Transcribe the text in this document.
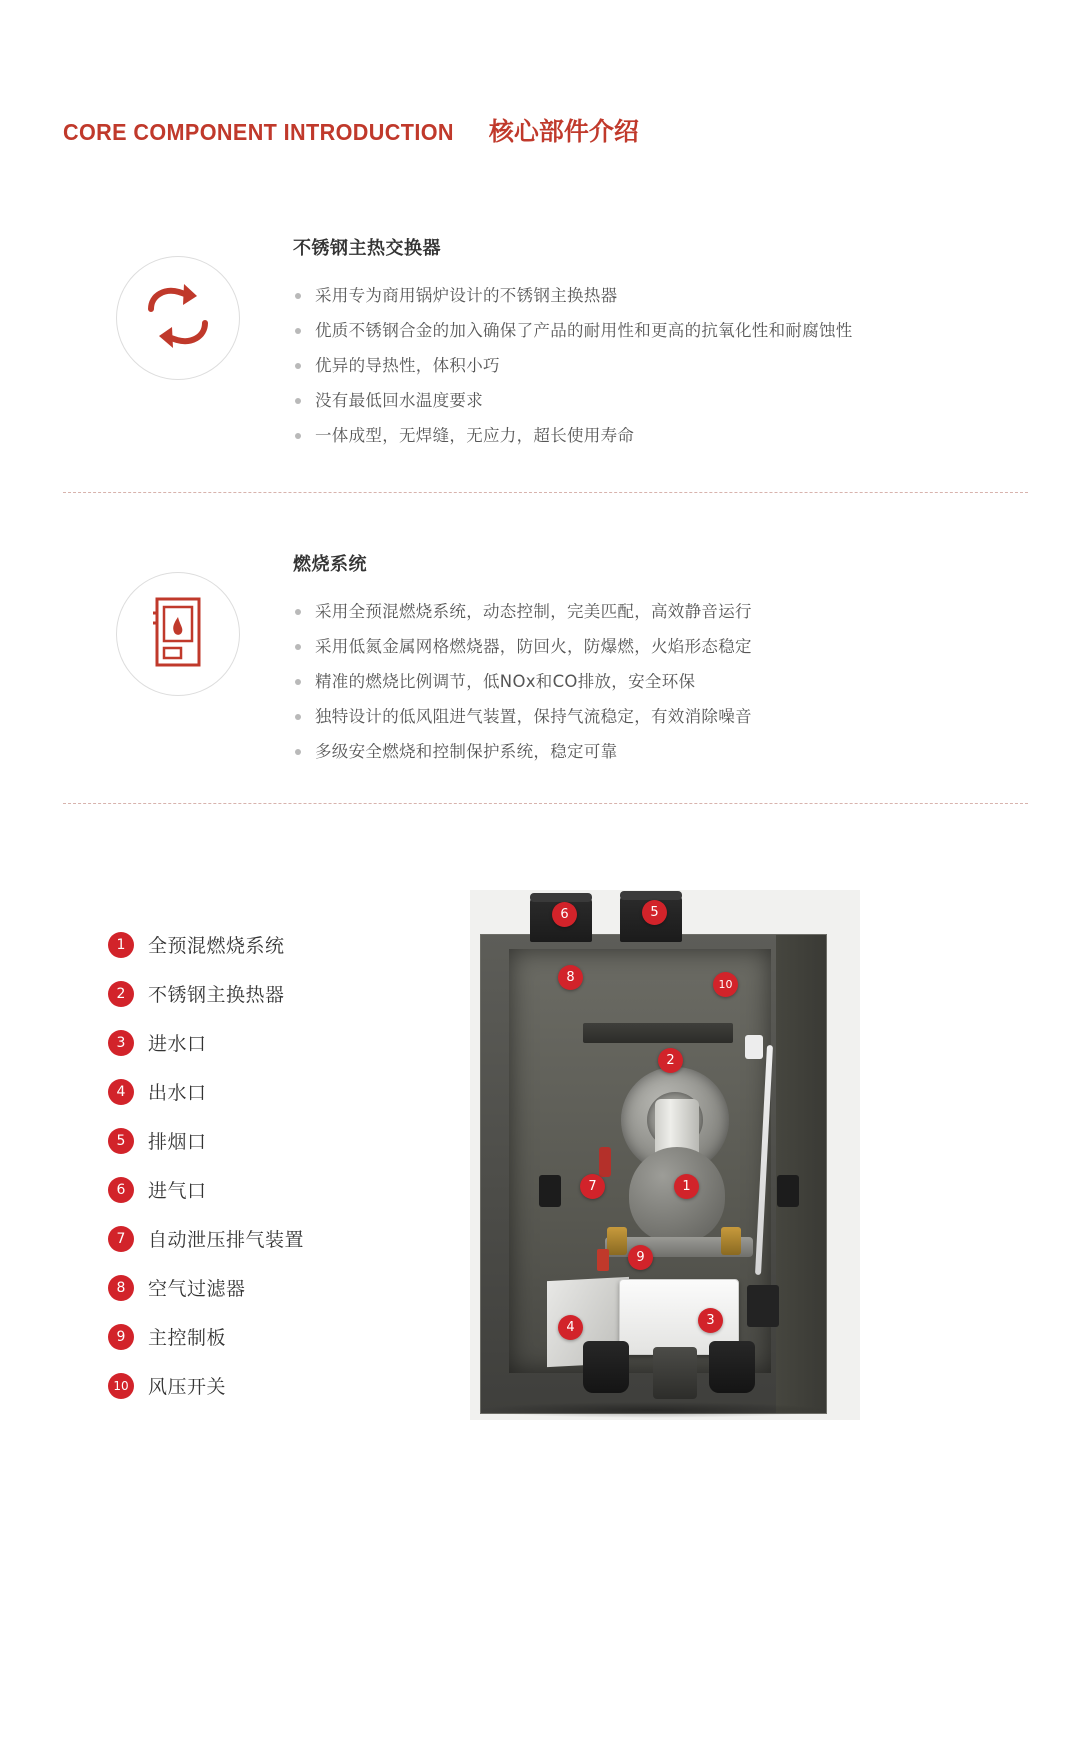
CORE COMPONENT INTRODUCTION 核心部件介绍
不锈钢主热交换器
采用专为商用锅炉设计的不锈钢主换热器
优质不锈钢合金的加入确保了产品的耐用性和更高的抗氧化性和耐腐蚀性
优异的导热性，体积小巧
没有最低回水温度要求
一体成型，无焊缝，无应力，超长使用寿命
燃烧系统
采用全预混燃烧系统，动态控制，完美匹配，高效静音运行
采用低氮金属网格燃烧器，防回火，防爆燃，火焰形态稳定
精准的燃烧比例调节，低NOx和CO排放，安全环保
独特设计的低风阻进气装置，保持气流稳定，有效消除噪音
多级安全燃烧和控制保护系统，稳定可靠
1	全预混燃烧系统
2	不锈钢主换热器
3	进水口
4	出水口
5	排烟口
6	进气口
7	自动泄压排气装置
8	空气过滤器
9	主控制板
10 风压开关
6	5
8	10
2
7	1
9
4	3
